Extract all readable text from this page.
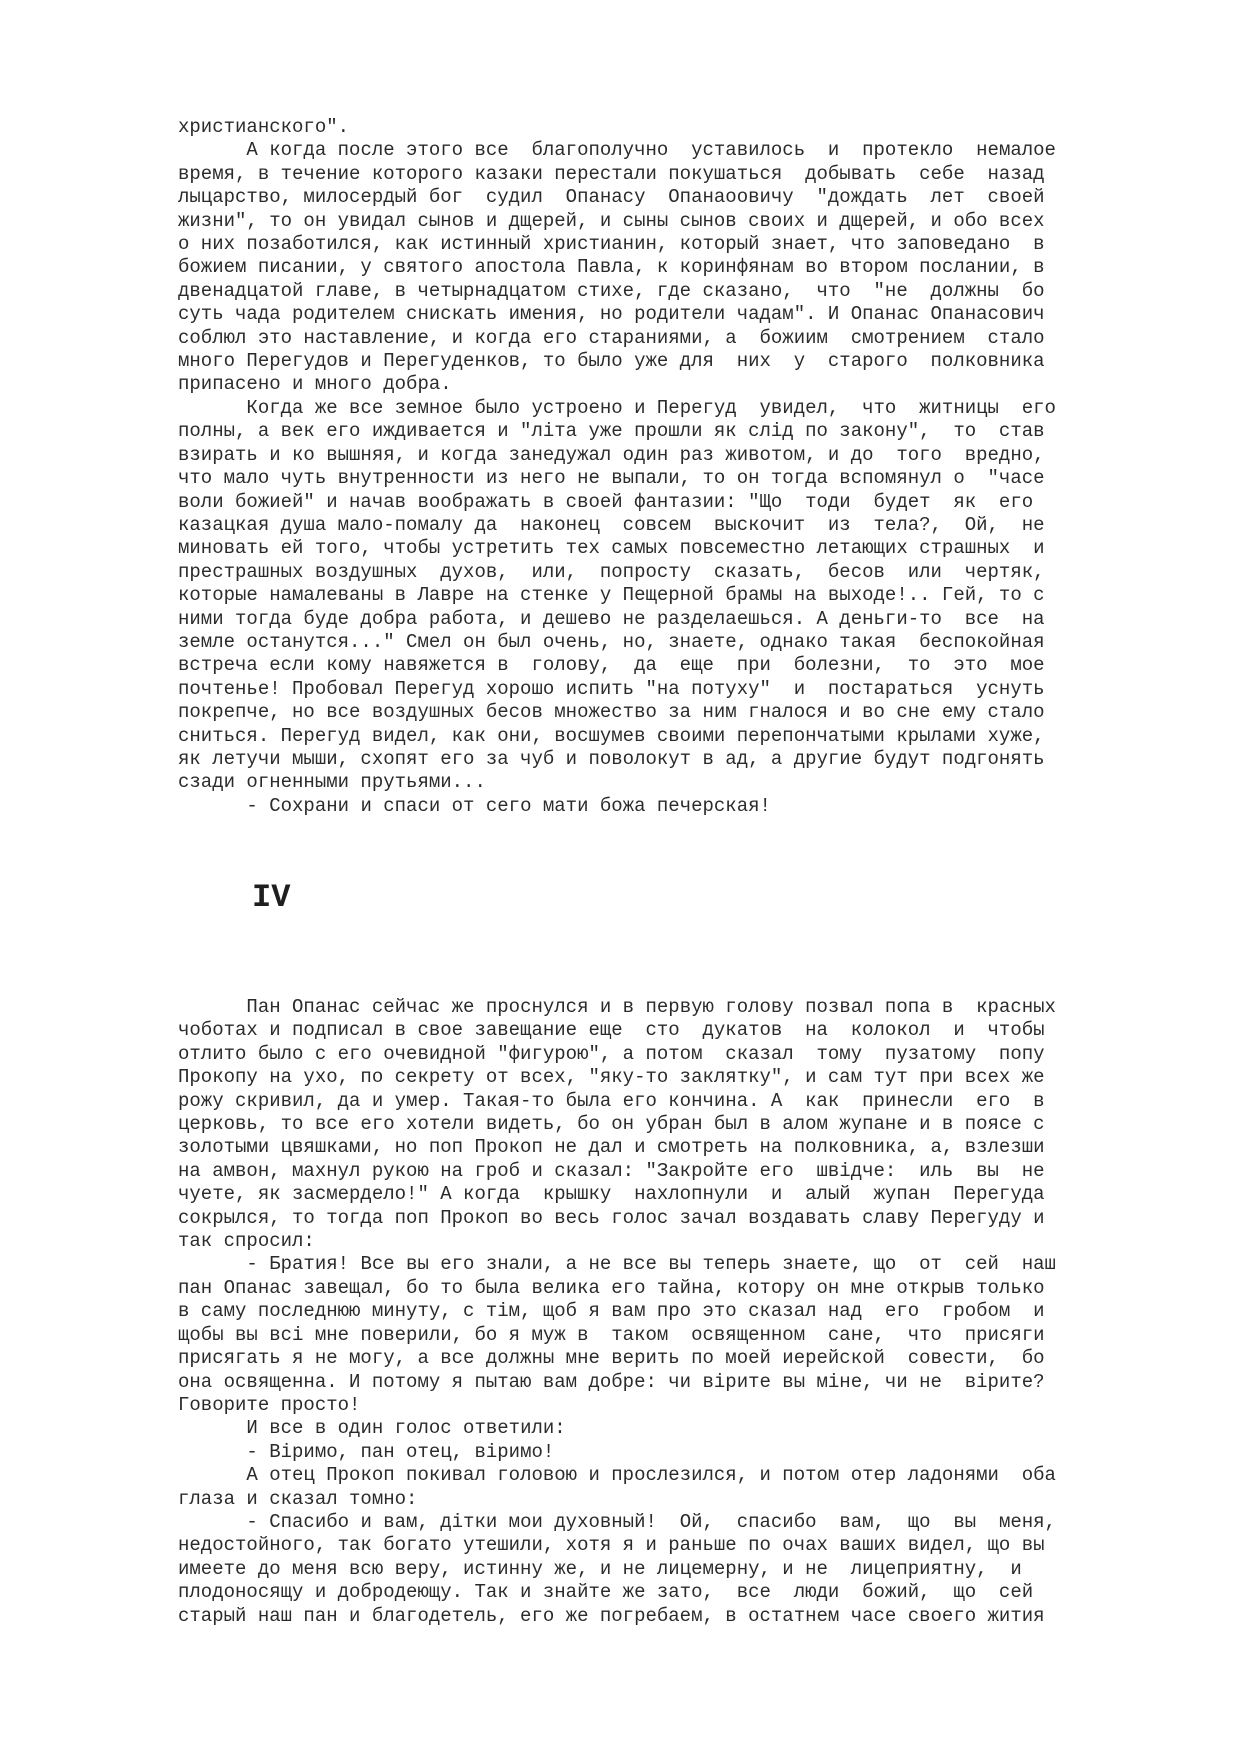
христианского".

А когда после этого все  благополучно  уставилось  и  протекло  немалое

время, в течение которого казаки перестали покушаться  добывать  себе  назад

лыцарство, милосердый бог  судил  Опанасу  Опанаоовичу  "дождать  лет  своей

жизни", то он увидал сынов и дщерей, и сыны сынов своих и дщерей, и обо всех

о них позаботился, как истинный христианин, который знает, что заповедано  в

божием писании, у святого апостола Павла, к коринфянам во втором послании, в

двенадцатой главе, в четырнадцатом стихе, где сказано,  что  "не  должны  бо

суть чада родителем снискать имения, но родители чадам". И Опанас Опанасович

соблюл это наставление, и когда его стараниями, а  божиим  смотрением  стало

много Перегудов и Перегуденков, то было уже для  них  у  старого  полковника

припасено и много добра.

Когда же все земное было устроено и Перегуд  увидел,  что  житницы  его

полны, а век его иждивается и "літа уже прошли як слід по закону",  то  став

взирать и ко вышняя, и когда занедужал один раз животом, и до  того  вредно,

что мало чуть внутренности из него не выпали, то он тогда вспомянул о  "часе

воли божией" и начав воображать в своей фантазии: "Що  тоди  будет  як  его

казацкая душа мало-помалу да  наконец  совсем  выскочит  из  тела?,  Ой,  не

миновать ей того, чтобы устретить тех самых повсеместно летающих страшных  и

престрашных воздушных  духов,  или,  попросту  сказать,  бесов  или  чертяк,

которые намалеваны в Лавре на стенке у Пещерной брамы на выходе!.. Гей, то с

ними тогда буде добра работа, и дешево не разделаешься. А деньги-то  все  на

земле останутся..." Смел он был очень, но, знаете, однако такая  беспокойная

встреча если кому навяжется в  голову,  да  еще  при  болезни,  то  это  мое

почтенье! Пробовал Перегуд хорошо испить "на потуху"  и  постараться  уснуть

покрепче, но все воздушных бесов множество за ним гналося и во сне ему стало

сниться. Перегуд видел, как они, восшумев своими перепончатыми крылами хуже,

як летучи мыши, схопят его за чуб и поволокут в ад, а другие будут подгонять

сзади огненными прутьями...

- Сохрани и спаси от сего мати божа печерская!

IV

Пан Опанас сейчас же проснулся и в первую голову позвал попа в  красных

чоботах и подписал в свое завещание еще  сто  дукатов  на  колокол  и  чтобы

отлито было с его очевидной "фигурою", а потом  сказал  тому  пузатому  попу

Прокопу на ухо, по секрету от всех, "яку-то заклятку", и сам тут при всех же

рожу скривил, да и умер. Такая-то была его кончина. А  как  принесли  его  в

церковь, то все его хотели видеть, бо он убран был в алом жупане и в поясе с

золотыми цвяшками, но поп Прокоп не дал и смотреть на полковника, а, взлезши

на амвон, махнул рукою на гроб и сказал: "Закройте его  швідче:  иль  вы  не

чуете, як засмердело!" А когда  крышку  нахлопнули  и  алый  жупан  Перегуда

сокрылся, то тогда поп Прокоп во весь голос зачал воздавать славу Перегуду и

так спросил:

- Братия! Все вы его знали, а не все вы теперь знаете, що  от  сей  наш

пан Опанас завещал, бо то была велика его тайна, котору он мне открыв только

в саму последнюю минуту, с тім, щоб я вам про это сказал над  его  гробом  и

щобы вы всі мне поверили, бо я муж в  таком  освященном  сане,  что  присяги

присягать я не могу, а все должны мне верить по моей иерейской  совести,  бо

она освященна. И потому я пытаю вам добре: чи вірите вы міне, чи не  вірите?

Говорите просто!

И все в один голос ответили:

- Віримо, пан отец, віримо!

А отец Прокоп покивал головою и прослезился, и потом отер ладонями  оба

глаза и сказал томно:

- Спасибо и вам, дітки мои духовный!  Ой,  спасибо  вам,  що  вы  меня,

недостойного, так богато утешили, хотя я и раньше по очах ваших видел, що вы

имеете до меня всю веру, истинну же, и не лицемерну, и не  лицеприятну,  и

плодоносящу и добродеющу. Так и знайте же зато,  все  люди  божий,  що  сей

старый наш пан и благодетель, его же погребаем, в остатнем часе своего жития
